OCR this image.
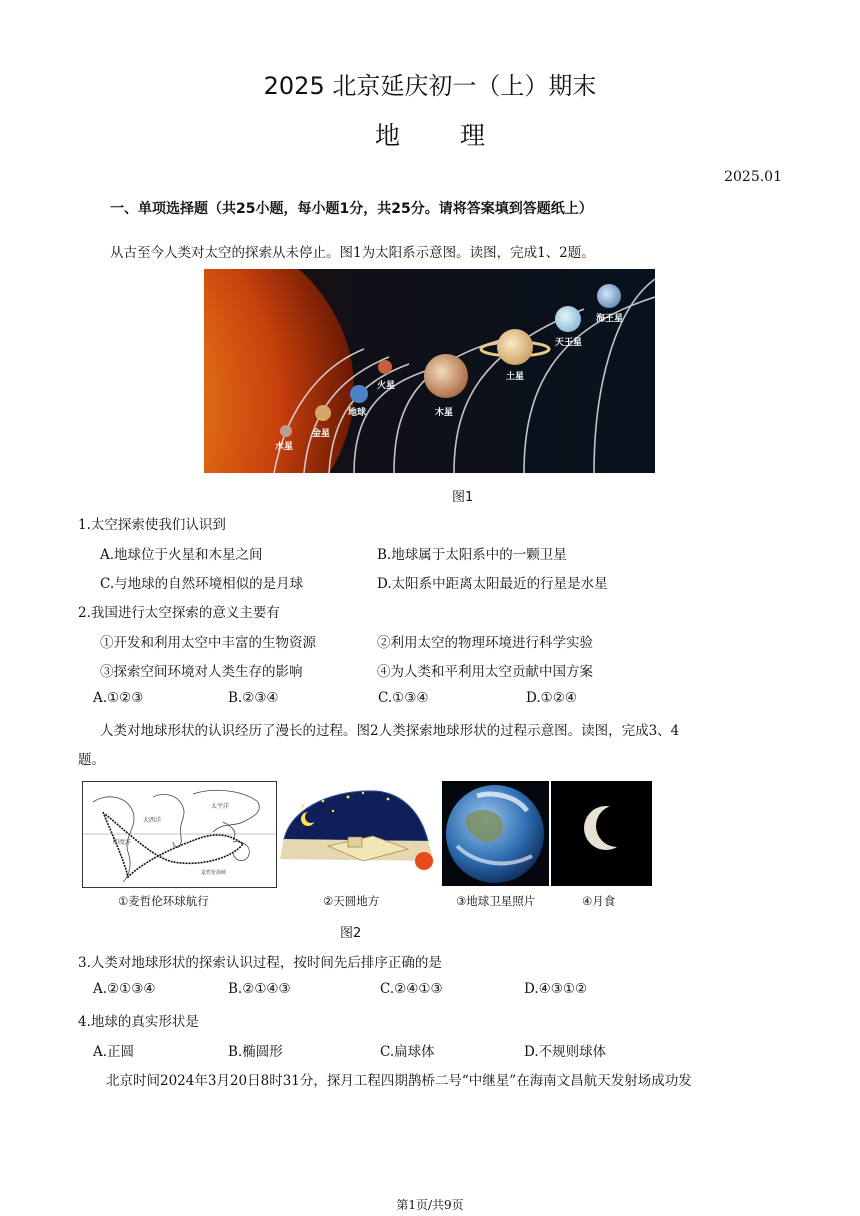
2025 北京延庆初一（上）期末
地理
2025.01
一、单项选择题（共25小题，每小题1分，共25分。请将答案填到答题纸上）
从古至今人类对太空的探索从未停止。图1为太阳系示意图。读图，完成1、2题。
水星
金星
地球
火星
木星
土星
天王星
海王星
图1
1.太空探索使我们认识到
A.地球位于火星和木星之间	B.地球属于太阳系中的一颗卫星
C.与地球的自然环境相似的是月球	D.太阳系中距离太阳最近的行星是水星
2.我国进行太空探索的意义主要有
①开发和利用太空中丰富的生物资源	②利用太空的物理环境进行科学实验
③探索空间环境对人类生存的影响	④为人类和平利用太空贡献中国方案
A.①②③	B.②③④	C.①③④	D.①②④
人类对地球形状的认识经历了漫长的过程。图2人类探索地球形状的过程示意图。读图，完成3、4
题。
太平洋
印度洋
大西洋
麦哲伦海峡
①麦哲伦环球航行	②天圆地方	③地球卫星照片	④月食
图2
3.人类对地球形状的探索认识过程，按时间先后排序正确的是
A.②①③④	B.②①④③	C.②④①③	D.④③①②
4.地球的真实形状是
A.正圆	B.椭圆形	C.扁球体	D.不规则球体
北京时间2024年3月20日8时31分，探月工程四期鹊桥二号“中继星”在海南文昌航天发射场成功发
第1页/共9页
